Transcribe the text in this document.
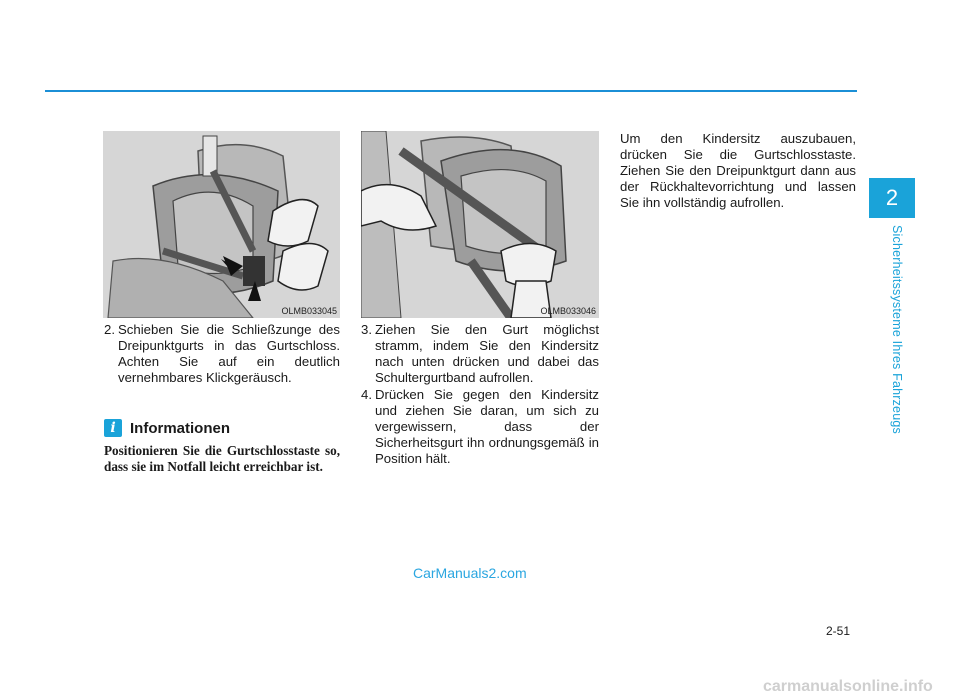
2
Sicherheitssysteme Ihres Fahrzeugs
OLMB033045	OLMB033046
2. Schieben Sie die Schließzunge des Dreipunktgurts in das Gurtschloss. Achten Sie auf ein deutlich vernehmbares Klickgeräusch.
i Informationen
Positionieren Sie die Gurtschlosstaste so, dass sie im Notfall leicht erreichbar ist.
3. Ziehen Sie den Gurt möglichst stramm, indem Sie den Kindersitz nach unten drücken und dabei das Schultergurtband aufrollen.
4. Drücken Sie gegen den Kindersitz und ziehen Sie daran, um sich zu vergewissern, dass der Sicherheitsgurt ihn ordnungsgemäß in Position hält.
Um den Kindersitz auszubauen, drücken Sie die Gurtschlosstaste. Ziehen Sie den Dreipunktgurt dann aus der Rückhaltevorrichtung und lassen Sie ihn vollständig aufrollen.
CarManuals2.com
2-51
carmanualsonline.info
